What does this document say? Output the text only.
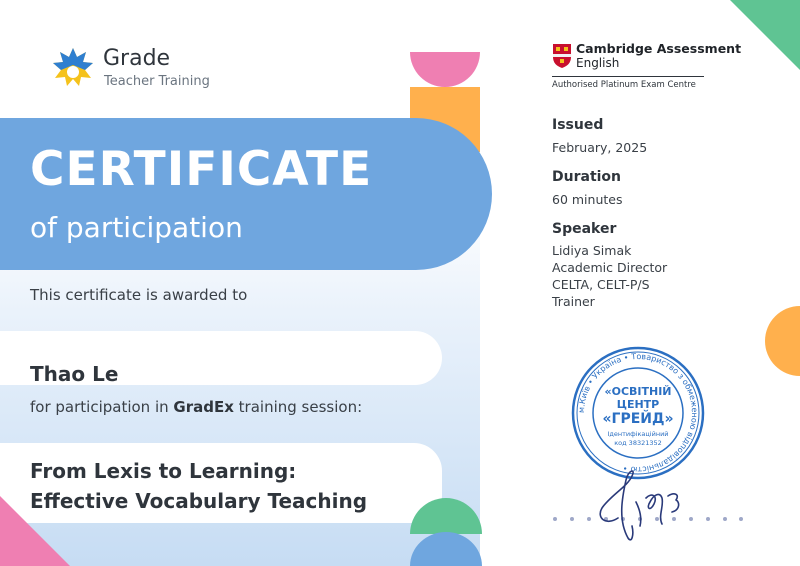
Grade
Teacher Training
CERTIFICATE
of participation
This certificate is awarded to
Thao Le
for participation in GradEx training session:
From Lexis to Learning:
Effective Vocabulary Teaching
Cambridge Assessment
English
Authorised Platinum Exam Centre
Issued
February, 2025
Duration
60 minutes
Speaker
Lidiya Simak
Academic Director
CELTA, CELT-P/S
Trainer
м.Київ • Україна • Товариство з обмеженою відповідальністю •
«ОСВІТНІЙ
ЦЕНТР
«ГРЕЙД»
Ідентифікаційний
код 38321352
